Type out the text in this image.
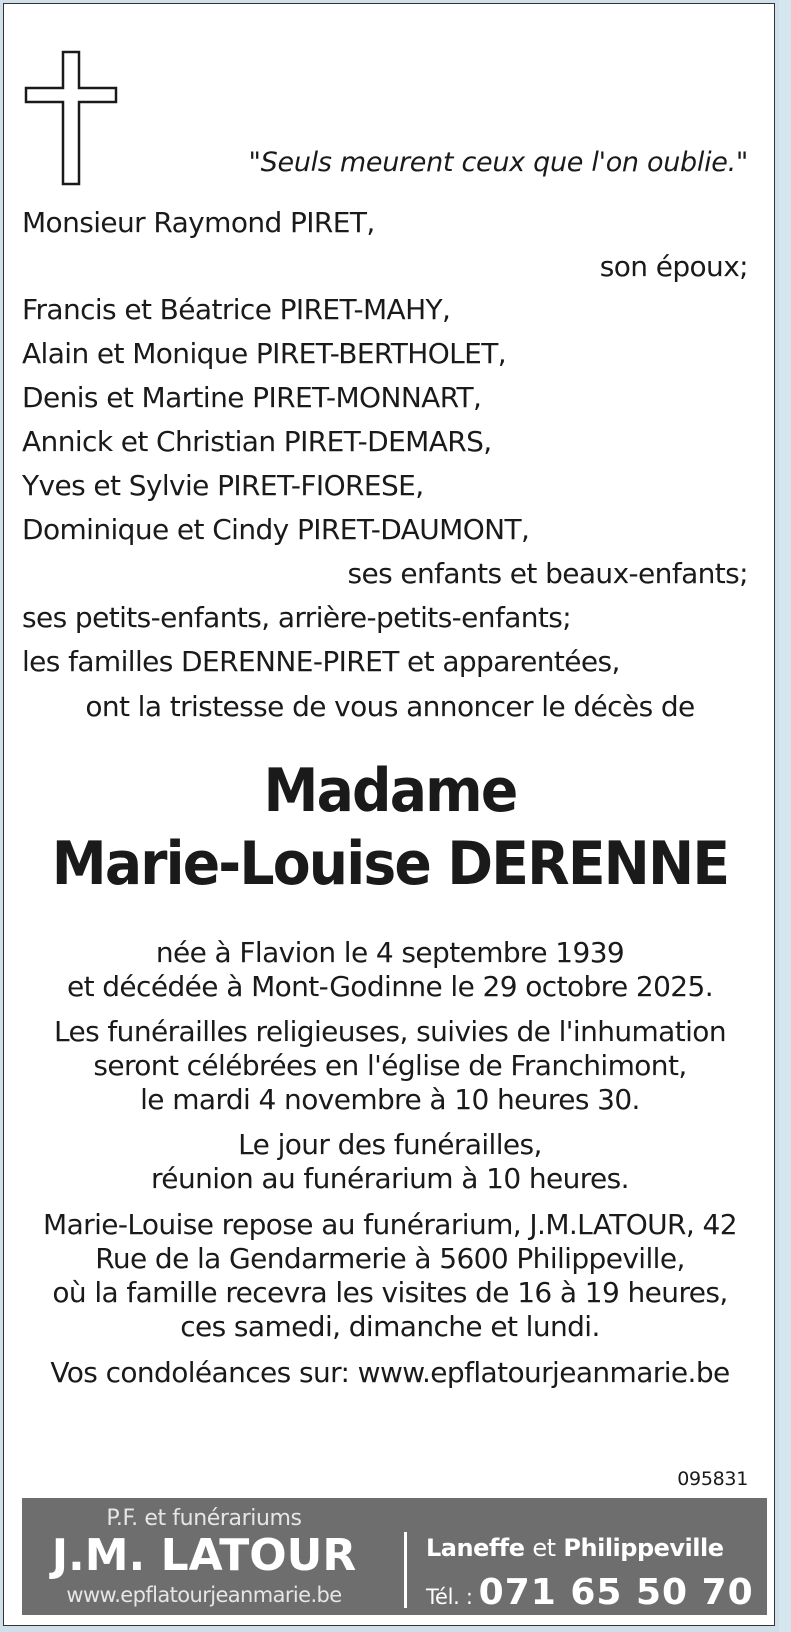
"Seuls meurent ceux que l'on oublie."
Monsieur Raymond PIRET,
son époux;
Francis et Béatrice PIRET-MAHY,
Alain et Monique PIRET-BERTHOLET,
Denis et Martine PIRET-MONNART,
Annick et Christian PIRET-DEMARS,
Yves et Sylvie PIRET-FIORESE,
Dominique et Cindy PIRET-DAUMONT,
ses enfants et beaux-enfants;
ses petits-enfants, arrière-petits-enfants;
les familles DERENNE-PIRET et apparentées,
ont la tristesse de vous annoncer le décès de
Madame
Marie-Louise DERENNE
née à Flavion le 4 septembre 1939
et décédée à Mont-Godinne le 29 octobre 2025.
Les funérailles religieuses, suivies de l'inhumation
seront célébrées en l'église de Franchimont,
le mardi 4 novembre à 10 heures 30.
Le jour des funérailles,
réunion au funérarium à 10 heures.
Marie-Louise repose au funérarium, J.M.LATOUR, 42
Rue de la Gendarmerie à 5600 Philippeville,
où la famille recevra les visites de 16 à 19 heures,
ces samedi, dimanche et lundi.
Vos condoléances sur: www.epflatourjeanmarie.be
095831
P.F. et funérariums
J.M. LATOUR
www.epflatourjeanmarie.be
Laneffe et Philippeville
Tél. : 071 65 50 70
